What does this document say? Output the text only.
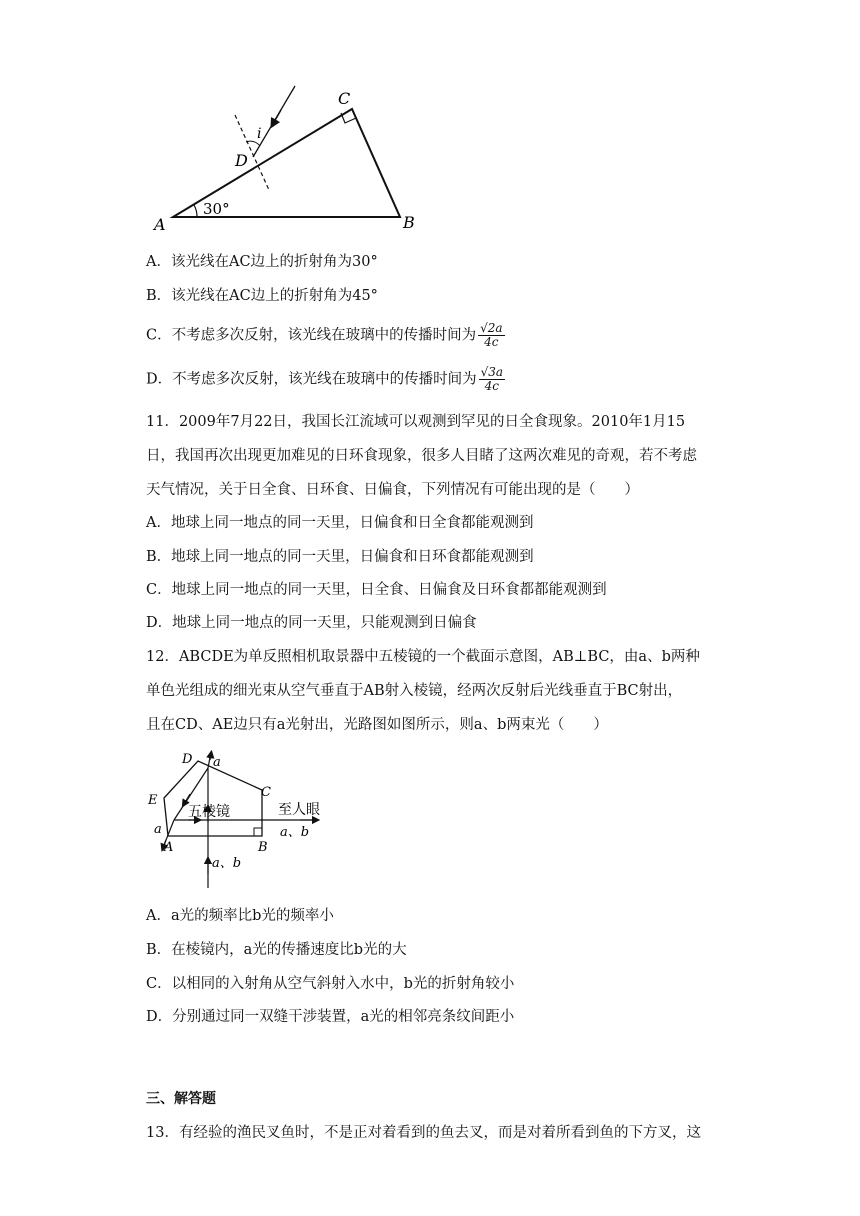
C
i
D
A	B
30°
A．该光线在AC边上的折射角为30°
B．该光线在AC边上的折射角为45°
C．不考虑多次反射，该光线在玻璃中的传播时间为 $\frac{√2a}{4c}$
D．不考虑多次反射，该光线在玻璃中的传播时间为 $\frac{√3a}{4c}$
11．2009年7月22日，我国长江流域可以观测到罕见的日全食现象。2010年1月15
日，我国再次出现更加难见的日环食现象，很多人目睹了这两次难见的奇观，若不考虑
天气情况，关于日全食、日环食、日偏食，下列情况有可能出现的是（　　）
A．地球上同一地点的同一天里，日偏食和日全食都能观测到
B．地球上同一地点的同一天里，日偏食和日环食都能观测到
C．地球上同一地点的同一天里，日全食、日偏食及日环食都都能观测到
D．地球上同一地点的同一天里，只能观测到日偏食
12．ABCDE为单反照相机取景器中五棱镜的一个截面示意图，AB⊥BC，由a、b两种
单色光组成的细光束从空气垂直于AB射入棱镜，经两次反射后光线垂直于BC射出，
且在CD、AE边只有a光射出，光路图如图所示，则a、b两束光（　　）
D a
C
E
五棱镜	至人眼
a	a、b
A	B
a、b
A．a光的频率比b光的频率小
B．在棱镜内，a光的传播速度比b光的大
C．以相同的入射角从空气斜射入水中，b光的折射角较小
D．分别通过同一双缝干涉装置，a光的相邻亮条纹间距小
三、解答题
13．有经验的渔民叉鱼时，不是正对着看到的鱼去叉，而是对着所看到鱼的下方叉，这
